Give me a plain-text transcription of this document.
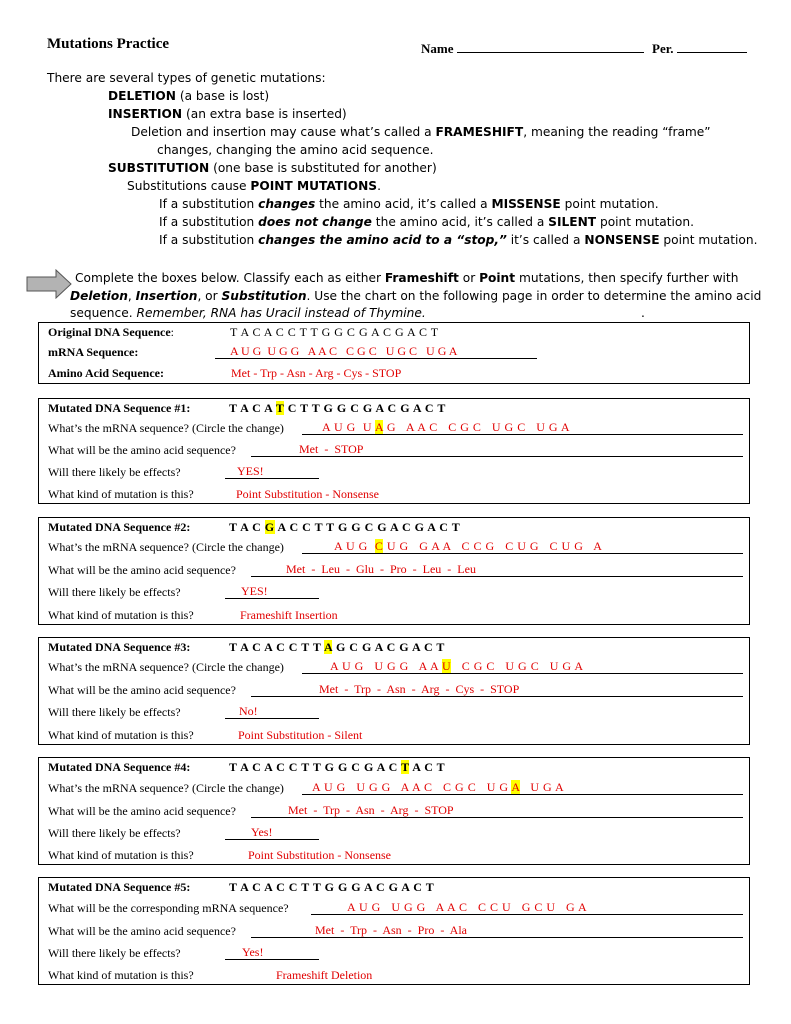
Mutations Practice	Name	Per.
There are several types of genetic mutations:
DELETION (a base is lost)
INSERTION (an extra base is inserted)
Deletion and insertion may cause what’s called a FRAMESHIFT, meaning the reading “frame”
changes, changing the amino acid sequence.
SUBSTITUTION (one base is substituted for another)
Substitutions cause POINT MUTATIONS.
If a substitution changes the amino acid, it’s called a MISSENSE point mutation.
If a substitution does not change the amino acid, it’s called a SILENT point mutation.
If a substitution changes the amino acid to a “stop,” it’s called a NONSENSE point mutation.
Complete the boxes below. Classify each as either Frameshift or Point mutations, then specify further with
Deletion, Insertion, or Substitution. Use the chart on the following page in order to determine the amino acid
sequence. Remember, RNA has Uracil instead of Thymine.	.
Original DNA Sequence:	T A C A C C T T G G C G A C G A C T
mRNA Sequence:	A U G  U G G   A A C   C G C   U G C   U G A
Amino Acid Sequence:	Met - Trp - Asn - Arg - Cys - STOP
Mutated DNA Sequence #1:	T A C A T C T T G G C G A C G A C T
What’s the mRNA sequence? (Circle the change)	A U G  U A G   A A C   C G C   U G C   U G A
What will be the amino acid sequence?	Met  -  STOP
Will there likely be effects?	YES!
What kind of mutation is this?	Point Substitution - Nonsense
Mutated DNA Sequence #2:	T A C G A C C T T G G C G A C G A C T
What’s the mRNA sequence? (Circle the change)	A U G  C U G   G A A   C C G   C U G   C U G   A
What will be the amino acid sequence?	Met  -  Leu  -  Glu  -  Pro  -  Leu  -  Leu
Will there likely be effects?	YES!
What kind of mutation is this?	Frameshift Insertion
Mutated DNA Sequence #3:	T A C A C C T T A G C G A C G A C T
What’s the mRNA sequence? (Circle the change)	A U G   U G G   A A U   C G C   U G C   U G A
What will be the amino acid sequence?	Met  -  Trp  -  Asn  -  Arg  -  Cys  -  STOP
Will there likely be effects?	No!
What kind of mutation is this?	Point Substitution - Silent
Mutated DNA Sequence #4:	T A C A C C T T G G C G A C T A C T
What’s the mRNA sequence? (Circle the change) A U G   U G G   A A C   C G C   U G A   U G A
What will be the amino acid sequence?	Met  -  Trp  -  Asn  -  Arg  -  STOP
Will there likely be effects?	Yes!
What kind of mutation is this?	Point Substitution - Nonsense
Mutated DNA Sequence #5:	T A C A C C T T G G G A C G A C T
What will be the corresponding mRNA sequence?	A U G   U G G   A A C   C C U   G C U   G A
What will be the amino acid sequence?	Met  -  Trp  -  Asn  -  Pro  -  Ala
Will there likely be effects?	Yes!
What kind of mutation is this?	Frameshift Deletion
